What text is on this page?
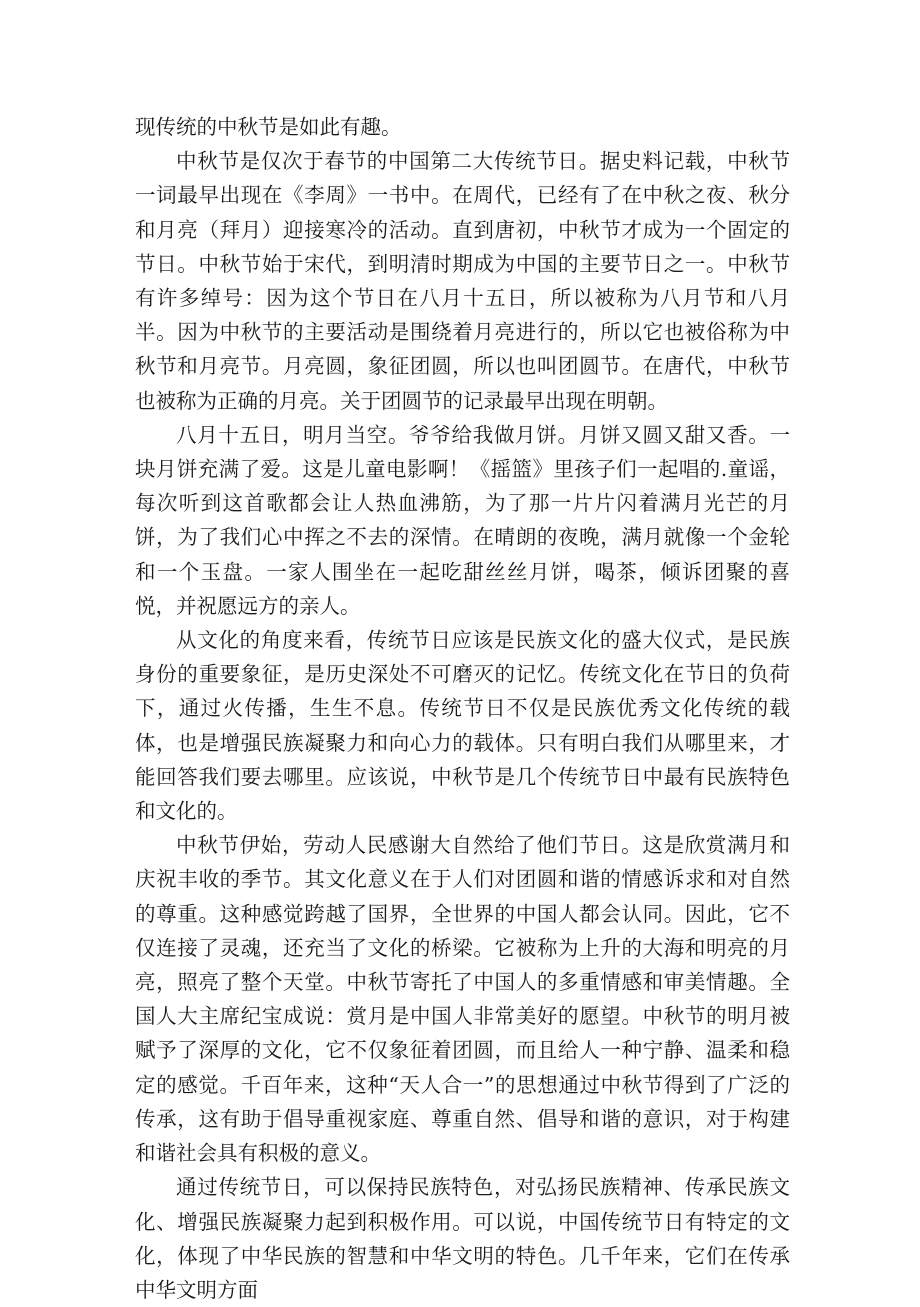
现传统的中秋节是如此有趣。

中秋节是仅次于春节的中国第二大传统节日。据史料记载，中秋节一词最早出现在《李周》一书中。在周代，已经有了在中秋之夜、秋分和月亮（拜月）迎接寒冷的活动。直到唐初，中秋节才成为一个固定的节日。中秋节始于宋代，到明清时期成为中国的主要节日之一。中秋节有许多绰号：因为这个节日在八月十五日，所以被称为八月节和八月半。因为中秋节的主要活动是围绕着月亮进行的，所以它也被俗称为中秋节和月亮节。月亮圆，象征团圆，所以也叫团圆节。在唐代，中秋节也被称为正确的月亮。关于团圆节的记录最早出现在明朝。

八月十五日，明月当空。爷爷给我做月饼。月饼又圆又甜又香。一块月饼充满了爱。这是儿童电影啊！《摇篮》里孩子们一起唱的.童谣，每次听到这首歌都会让人热血沸筋，为了那一片片闪着满月光芒的月饼，为了我们心中挥之不去的深情。在晴朗的夜晚，满月就像一个金轮和一个玉盘。一家人围坐在一起吃甜丝丝月饼，喝茶，倾诉团聚的喜悦，并祝愿远方的亲人。

从文化的角度来看，传统节日应该是民族文化的盛大仪式，是民族身份的重要象征，是历史深处不可磨灭的记忆。传统文化在节日的负荷下，通过火传播，生生不息。传统节日不仅是民族优秀文化传统的载体，也是增强民族凝聚力和向心力的载体。只有明白我们从哪里来，才能回答我们要去哪里。应该说，中秋节是几个传统节日中最有民族特色和文化的。

中秋节伊始，劳动人民感谢大自然给了他们节日。这是欣赏满月和庆祝丰收的季节。其文化意义在于人们对团圆和谐的情感诉求和对自然的尊重。这种感觉跨越了国界，全世界的中国人都会认同。因此，它不仅连接了灵魂，还充当了文化的桥梁。它被称为上升的大海和明亮的月亮，照亮了整个天堂。中秋节寄托了中国人的多重情感和审美情趣。全国人大主席纪宝成说：赏月是中国人非常美好的愿望。中秋节的明月被赋予了深厚的文化，它不仅象征着团圆，而且给人一种宁静、温柔和稳定的感觉。千百年来，这种“天人合一”的思想通过中秋节得到了广泛的传承，这有助于倡导重视家庭、尊重自然、倡导和谐的意识，对于构建和谐社会具有积极的意义。

通过传统节日，可以保持民族特色，对弘扬民族精神、传承民族文化、增强民族凝聚力起到积极作用。可以说，中国传统节日有特定的文化，体现了中华民族的智慧和中华文明的特色。几千年来，它们在传承中华文明方面
